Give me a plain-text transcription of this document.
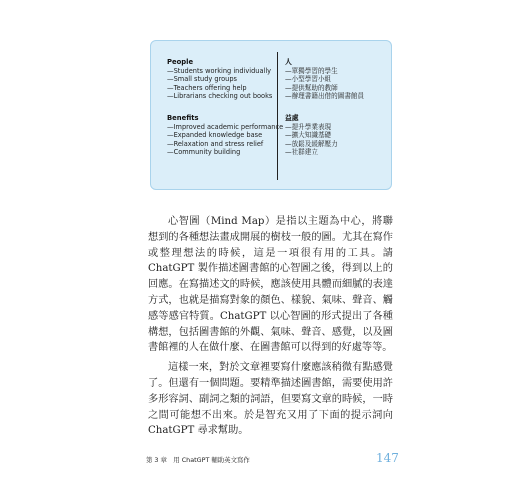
People
—Students working individually
—Small study groups
—Teachers offering help
—Librarians checking out books
人
—單獨學習的學生
—小型學習小組
—提供幫助的教師
—辦理書籍出借的圖書館員
Benefits
—Improved academic performance
—Expanded knowledge base
—Relaxation and stress relief
—Community building
益處
—提升學業表現
—擴大知識基礎
—放鬆及緩解壓力
—社群建立

心智圖（Mind Map）是指以主題為中心，將聯想到的各種想法畫成開展的樹枝一般的圖。尤其在寫作或整理想法的時候，這是一項很有用的工具。請 ChatGPT 製作描述圖書館的心智圖之後，得到以上的回應。在寫描述文的時候，應該使用具體而細膩的表達方式，也就是描寫對象的顏色、樣貌、氣味、聲音、觸感等感官特質。ChatGPT 以心智圖的形式提出了各種構想，包括圖書館的外觀、氣味、聲音、感覺，以及圖書館裡的人在做什麼、在圖書館可以得到的好處等等。

這樣一來，對於文章裡要寫什麼應該稍微有點感覺了。但還有一個問題。要精準描述圖書館，需要使用許多形容詞、副詞之類的詞語，但要寫文章的時候，一時之間可能想不出來。於是智充又用了下面的提示詞向 ChatGPT 尋求幫助。

第 3 章　用 ChatGPT 輔助英文寫作	147
